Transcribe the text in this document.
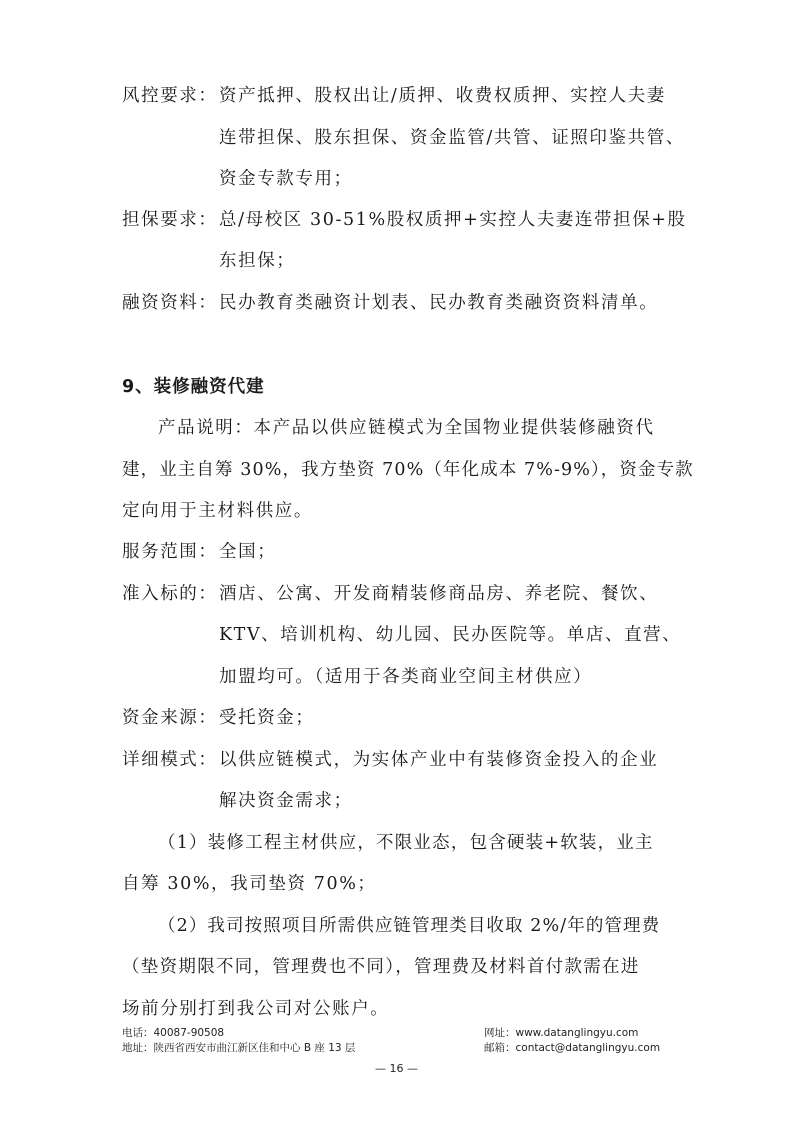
风控要求： 资产抵押、股权出让/质押、收费权质押、实控人夫妻
连带担保、股东担保、资金监管/共管、证照印鉴共管、
资金专款专用；
担保要求： 总/母校区 30-51%股权质押+实控人夫妻连带担保+股
东担保；
融资资料： 民办教育类融资计划表、民办教育类融资资料清单。
9、装修融资代建
产品说明：本产品以供应链模式为全国物业提供装修融资代
建，业主自筹 30%，我方垫资 70%（年化成本 7%-9%），资金专款
定向用于主材料供应。
服务范围： 全国；
准入标的： 酒店、公寓、开发商精装修商品房、养老院、餐饮、
KTV、培训机构、幼儿园、民办医院等。单店、直营、
加盟均可。（适用于各类商业空间主材供应）
资金来源： 受托资金；
详细模式： 以供应链模式，为实体产业中有装修资金投入的企业
解决资金需求；
（1）装修工程主材供应，不限业态，包含硬装+软装，业主
自筹 30%，我司垫资 70%；
（2）我司按照项目所需供应链管理类目收取 2%/年的管理费
（垫资期限不同，管理费也不同），管理费及材料首付款需在进
场前分别打到我公司对公账户。
电话：40087-90508
地址：陕西省西安市曲江新区佳和中心 B 座 13 层
网址：www.datanglingyu.com
邮箱：contact@datanglingyu.com
— 16 —
